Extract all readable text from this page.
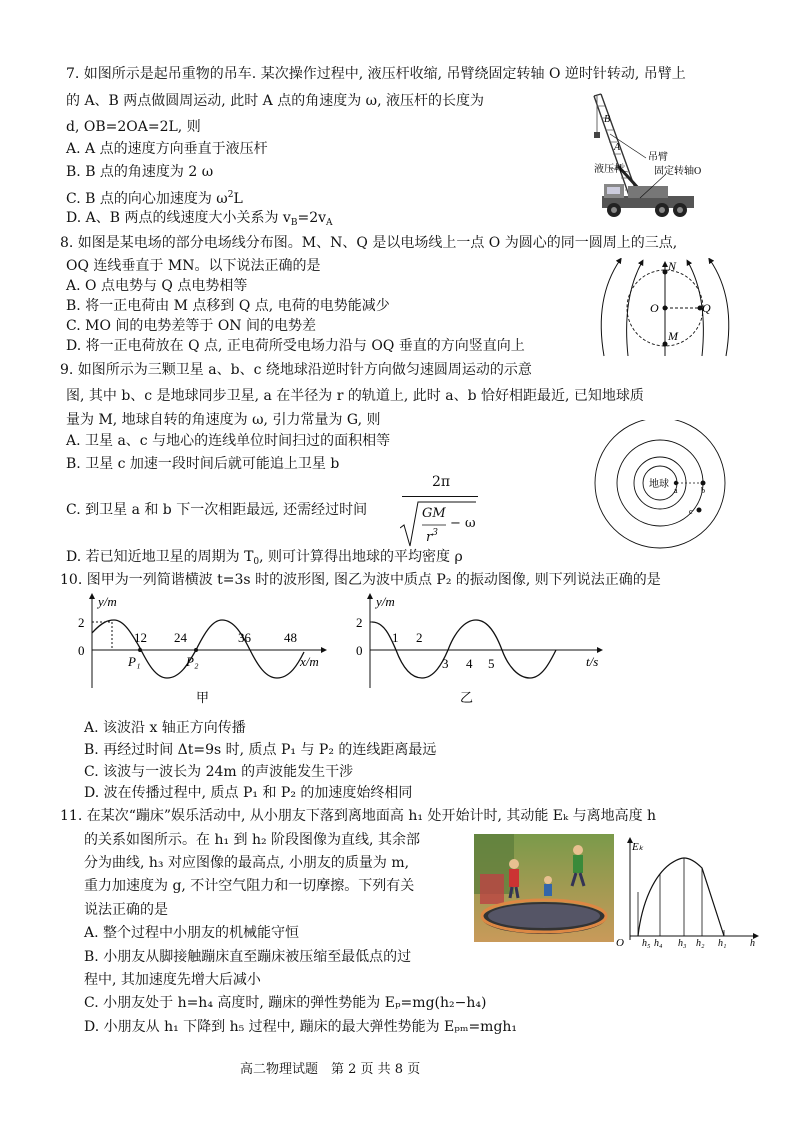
7. 如图所示是起吊重物的吊车. 某次操作过程中, 液压杆收缩, 吊臂绕固定转轴 O 逆时针转动, 吊臂上
的 A、B 两点做圆周运动, 此时 A 点的角速度为 ω, 液压杆的长度为
d, OB=2OA=2L, 则
A. A 点的速度方向垂直于液压杆
B. B 点的角速度为 2 ω
C. B 点的向心加速度为 $\omega^2L$
D. A、B 两点的线速度大小关系为 $v_B=2v_A$
B
A
吊臂
液压杆	固定转轴O
8. 如图是某电场的部分电场线分布图。M、N、Q 是以电场线上一点 O 为圆心的同一圆周上的三点,
OQ 连线垂直于 MN。以下说法正确的是
A. O 点电势与 Q 点电势相等
B. 将一正电荷由 M 点移到 Q 点, 电荷的电势能减少
C. MO 间的电势差等于 ON 间的电势差
D. 将一正电荷放在 Q 点, 正电荷所受电场力沿与 OQ 垂直的方向竖直向上
N
O	Q
M
9. 如图所示为三颗卫星 a、b、c 绕地球沿逆时针方向做匀速圆周运动的示意
图, 其中 b、c 是地球同步卫星, a 在半径为 r 的轨道上, 此时 a、b 恰好相距最近, 已知地球质
量为 M, 地球自转的角速度为 ω, 引力常量为 G, 则
A. 卫星 a、c 与地心的连线单位时间扫过的面积相等
B. 卫星 c 加速一段时间后就可能追上卫星 b
C. 到卫星 a 和 b 下一次相距最远, 还需经过时间
2π
GM
$r^3$
− ω
D. 若已知近地卫星的周期为 $T_0$, 则可计算得出地球的平均密度 ρ
地球
a	b
c
10. 图甲为一列简谐横波 t=3s 时的波形图, 图乙为波中质点 P₂ 的振动图像, 则下列说法正确的是
y/m
2
0
12 24	36	48
P₁	P₂	x/m
甲
y/m
2
0
1 2
3 4 5	t/s
乙
A. 该波沿 x 轴正方向传播
B. 再经过时间 Δt=9s 时, 质点 P₁ 与 P₂ 的连线距离最远
C. 该波与一波长为 24m 的声波能发生干涉
D. 波在传播过程中, 质点 P₁ 和 P₂ 的加速度始终相同
11. 在某次“蹦床”娱乐活动中, 从小朋友下落到离地面高 h₁ 处开始计时, 其动能 Eₖ 与离地高度 h
的关系如图所示。在 h₁ 到 h₂ 阶段图像为直线, 其余部
分为曲线, h₃ 对应图像的最高点, 小朋友的质量为 m,
重力加速度为 g, 不计空气阻力和一切摩擦。下列有关
说法正确的是
A. 整个过程中小朋友的机械能守恒
B. 小朋友从脚接触蹦床直至蹦床被压缩至最低点的过
程中, 其加速度先增大后减小
C. 小朋友处于 h=h₄ 高度时, 蹦床的弹性势能为 Eₚ=mg(h₂−h₄)
D. 小朋友从 h₁ 下降到 h₅ 过程中, 蹦床的最大弹性势能为 Eₚₘ=mgh₁
Eₖ
O h₅ h₄ h₃ h₂ h₁ h
高二物理试题　第 2 页 共 8 页
